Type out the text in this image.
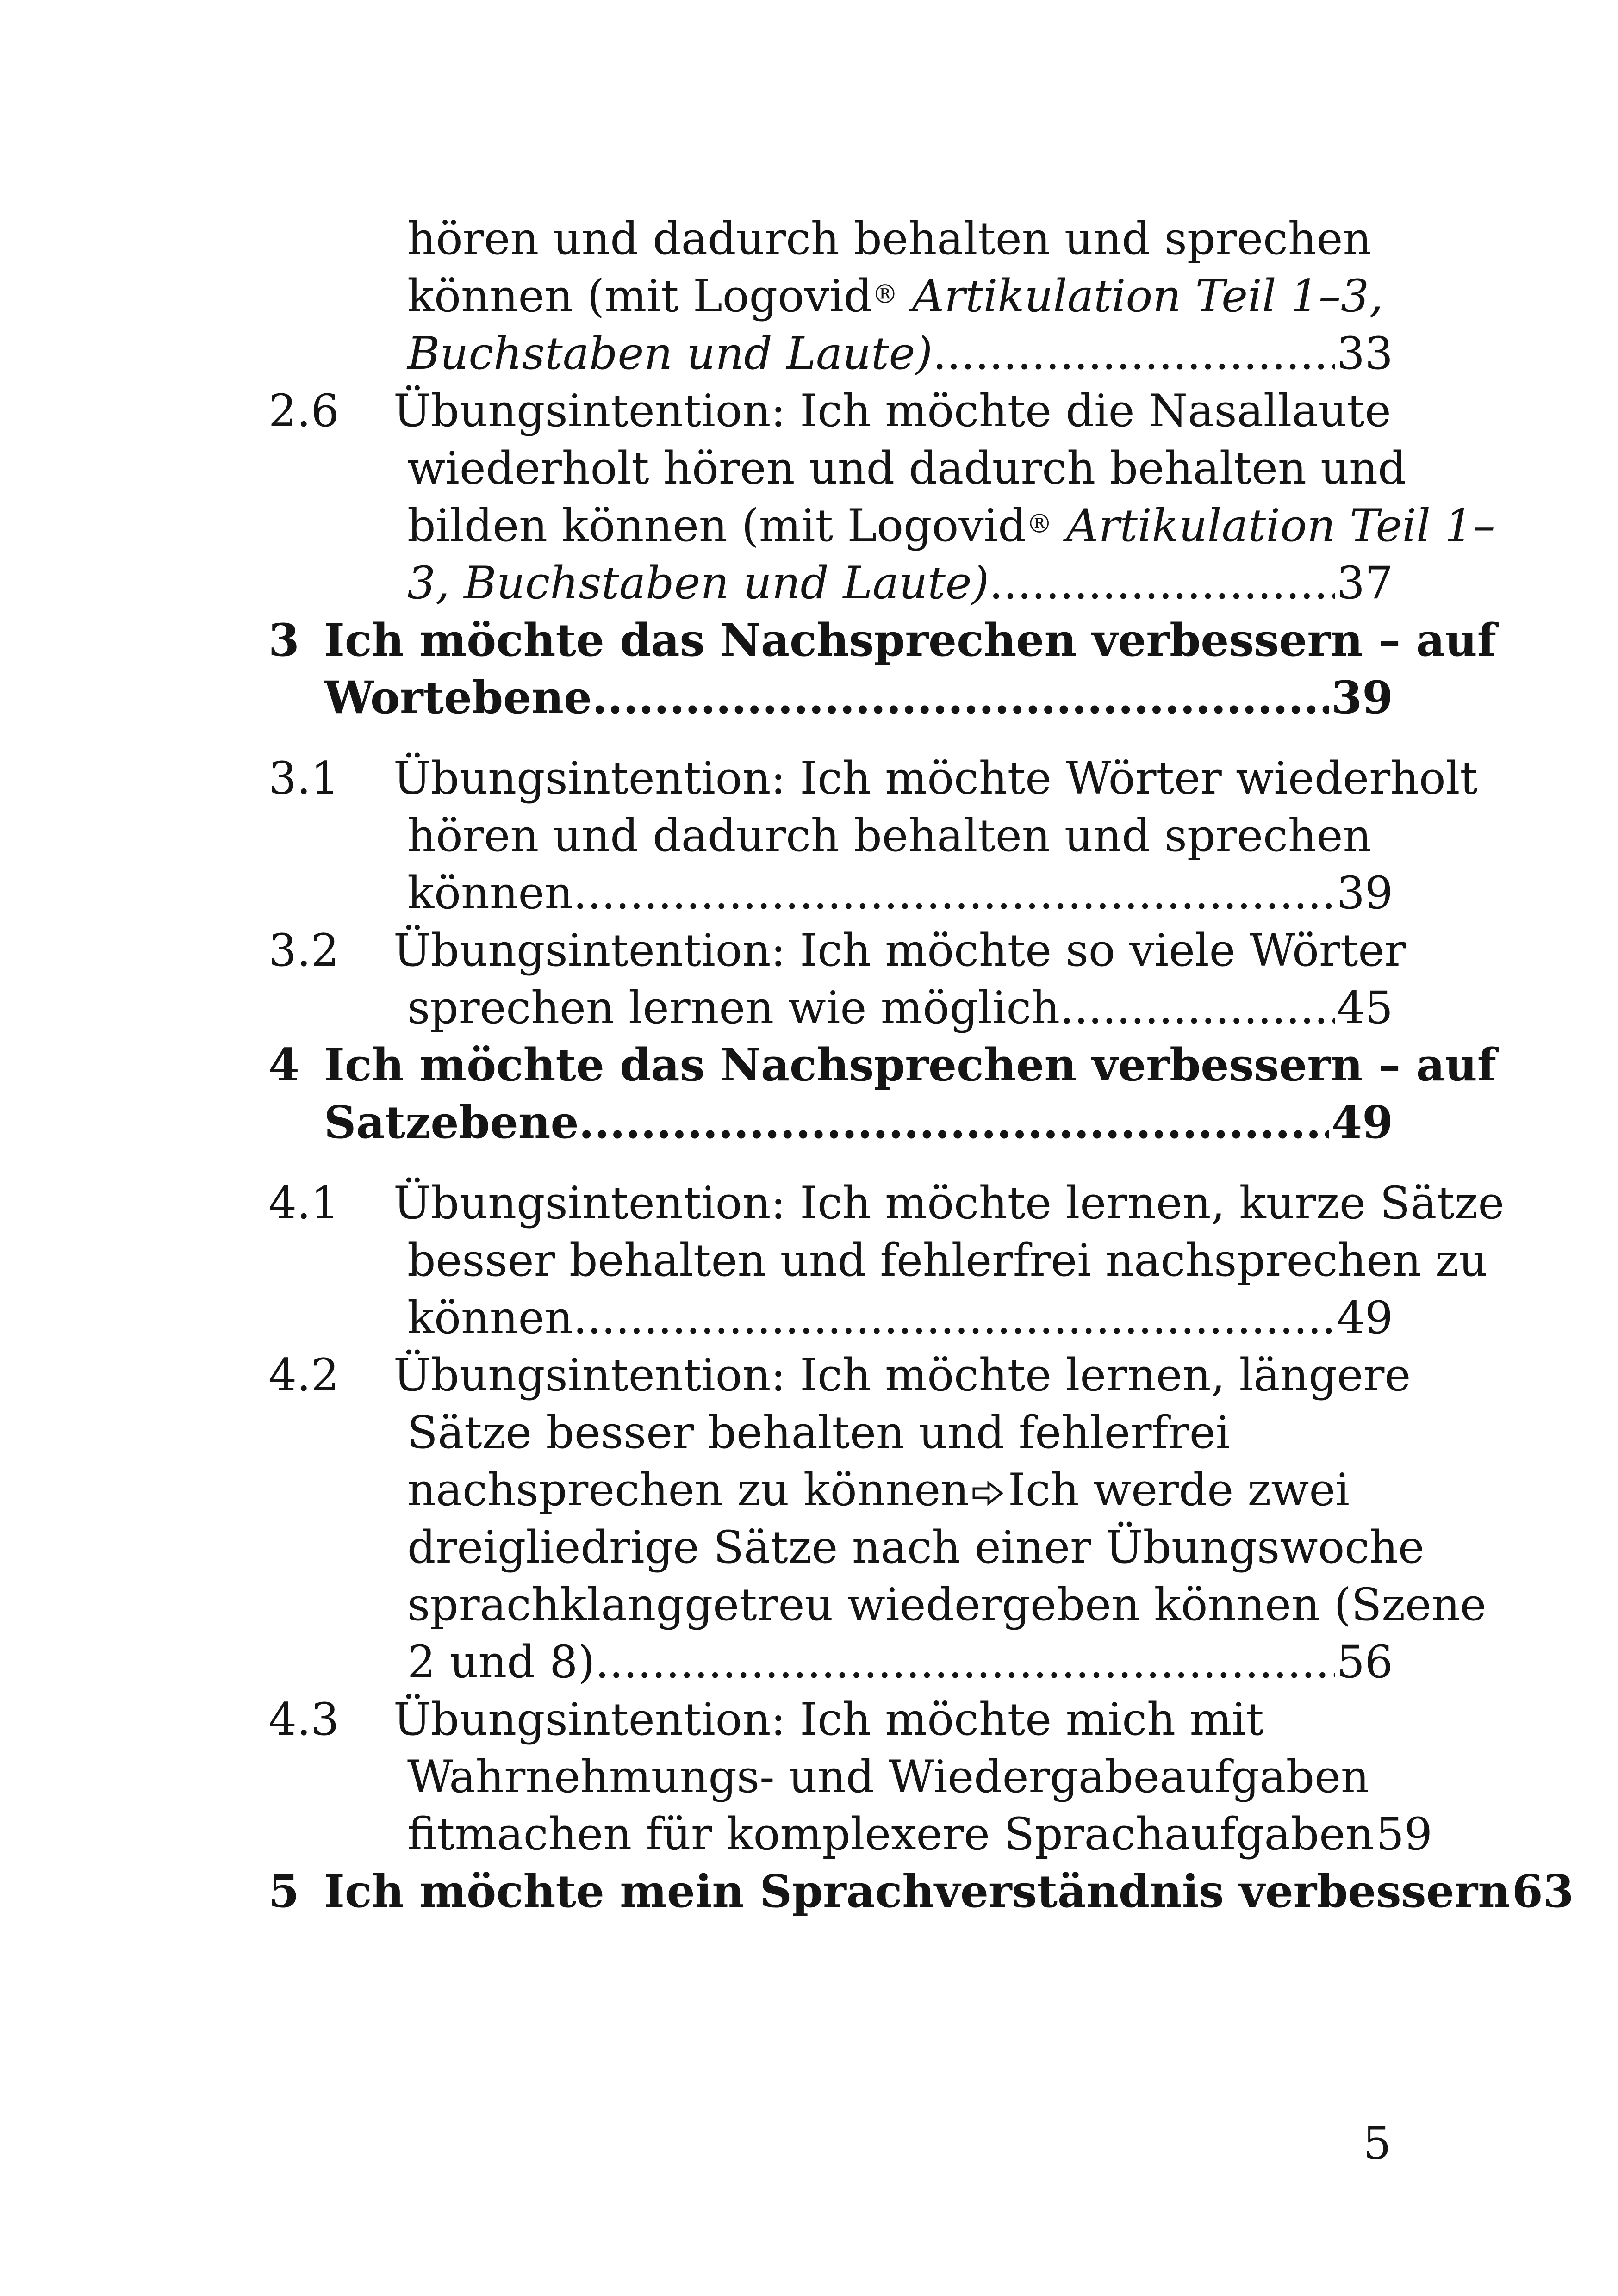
hören und dadurch behalten und sprechen
können (mit Logovid® Artikulation Teil 1–3,
Buchstaben und Laute) .....	33
2.6 Übungsintention: Ich möchte die Nasallaute
wiederholt hören und dadurch behalten und
bilden können (mit Logovid® Artikulation Teil 1–
3, Buchstaben und Laute) .....	37
3 Ich möchte das Nachsprechen verbessern – auf
Wortebene .....	39
3.1 Übungsintention: Ich möchte Wörter wiederholt
hören und dadurch behalten und sprechen
können .....	39
3.2 Übungsintention: Ich möchte so viele Wörter
sprechen lernen wie möglich .....	45
4 Ich möchte das Nachsprechen verbessern – auf
Satzebene .....	49
4.1 Übungsintention: Ich möchte lernen, kurze Sätze
besser behalten und fehlerfrei nachsprechen zu
können .....	49
4.2 Übungsintention: Ich möchte lernen, längere
Sätze besser behalten und fehlerfrei
nachsprechen zu können Ich werde zwei
dreigliedrige Sätze nach einer Übungswoche
sprachklanggetreu wiedergeben können (Szene
2 und 8) .....	56
4.3 Übungsintention: Ich möchte mich mit
Wahrnehmungs- und Wiedergabeaufgaben
fitmachen für komplexere Sprachaufgaben 59
5 Ich möchte mein Sprachverständnis verbessern 63
5
